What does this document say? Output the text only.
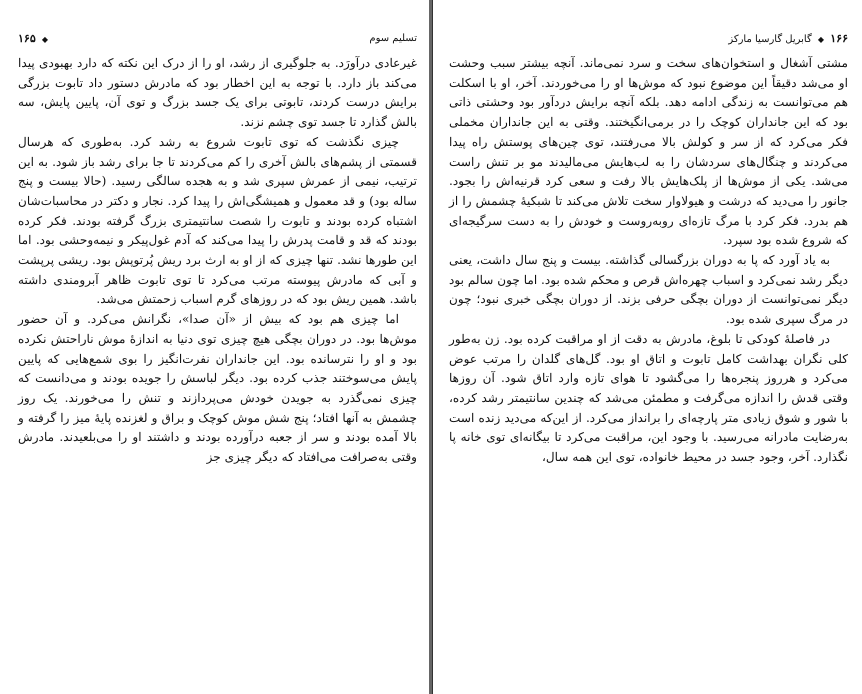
۱۶۶ ◆ گابریل گارسیا مارکز

مشتی آشغال و استخوان‌های سخت و سرد نمی‌ماند. آنچه بیشتر سبب وحشت او می‌شد دقیقاً این موضوع نبود که موش‌ها او را می‌خوردند. آخر، او با اسکلت هم می‌توانست به زندگی ادامه دهد. بلکه آنچه برایش دردآور بود وحشتی ذاتی بود که این جانداران کوچک را در برمی‌انگیختند. وقتی به این جانداران مخملی فکر می‌کرد که از سر و کولش بالا می‌رفتند، توی چین‌های پوستش راه پیدا می‌کردند و چنگال‌های سردشان را به لب‌هایش می‌مالیدند مو بر تنش راست می‌شد. یکی از موش‌ها از پلک‌هایش بالا رفت و سعی کرد قرنیه‌اش را بجود. جانور را می‌دید که درشت و هیولاوار سخت تلاش می‌کند تا شبکیهٔ چشمش را از هم بدرد. فکر کرد با مرگ تازه‌ای روبه‌روست و خودش را به دست سرگیجه‌ای که شروع شده بود سپرد.

به یاد آورد که پا به دوران بزرگسالی گذاشته. بیست و پنج سال داشت، یعنی دیگر رشد نمی‌کرد و اسباب چهره‌اش قرص و محکم شده بود. اما چون سالم بود دیگر نمی‌توانست از دوران بچگی حرفی بزند. از دوران بچگی خبری نبود؛ چون در مرگ سپری شده بود.

در فاصلهٔ کودکی تا بلوغ، مادرش به دقت از او مراقبت کرده بود. زن به‌طور کلی نگران بهداشت کامل تابوت و اتاق او بود. گل‌های گلدان را مرتب عوض می‌کرد و هرروز پنجره‌ها را می‌گشود تا هوای تازه وارد اتاق شود. آن روزها وقتی قدش را اندازه می‌گرفت و مطمئن می‌شد که چندین سانتیمتر رشد کرده، با شور و شوق زیادی متر پارچه‌ای را برانداز می‌کرد. از این‌که می‌دید زنده است به‌رضایت مادرانه می‌رسید. با وجود این، مراقبت می‌کرد تا بیگانه‌ای توی خانه پا نگذارد. آخر، وجود جسد در محیط خانواده، توی این همه سال،

تسلیم سوم
◆ ۱۶۵

غیرعادی درآورَد. به جلوگیری از رشد، او را از درک این نکته که دارد بهبودی پیدا می‌کند باز دارد. با توجه به این اخطار بود که مادرش دستور داد تابوت بزرگی برایش درست کردند، تابوتی برای یک جسد بزرگ و توی آن، پایین پایش، سه بالش گذارد تا جسد توی چشم نزند.

چیزی نگذشت که توی تابوت شروع به رشد کرد. به‌طوری که هرسال قسمتی از پشم‌های بالش آخری را کم می‌کردند تا جا برای رشد باز شود. به این ترتیب، نیمی از عمرش سپری شد و به هجده سالگی رسید. (حالا بیست و پنج ساله بود) و قد معمول و همیشگی‌اش را پیدا کرد. نجار و دکتر در محاسبات‌شان اشتباه کرده بودند و تابوت را شصت سانتیمتری بزرگ گرفته بودند. فکر کرده بودند که قد و قامت پدرش را پیدا می‌کند که آدم غول‌پیکر و نیمه‌وحشی بود. اما این طورها نشد. تنها چیزی که از او به ارث برد ریش پُرتوپش بود. ریشی پرپشت و آبی که مادرش پیوسته مرتب می‌کرد تا توی تابوت ظاهر آبرومندی داشته باشد. همین ریش بود که در روزهای گرم اسباب زحمتش می‌شد.

اما چیزی هم بود که بیش از «آن صدا»، نگرانش می‌کرد. و آن حضور موش‌ها بود. در دوران بچگی هیچ چیزی توی دنیا به اندازهٔ موش ناراحتش نکرده بود و او را نترسانده بود. این جانداران نفرت‌انگیز را بوی شمع‌هایی که پایین پایش می‌سوختند جذب کرده بود. دیگر لباسش را جویده بودند و می‌دانست که چیزی نمی‌گذرد به جویدن خودش می‌پردازند و تنش را می‌خورند. یک روز چشمش به آنها افتاد؛ پنج شش موش کوچک و براق و لغزنده پایهٔ میز را گرفته و بالا آمده بودند و سر از جعبه درآورده بودند و داشتند او را می‌بلعیدند. مادرش وقتی به‌صرافت می‌افتاد که دیگر چیزی جز
